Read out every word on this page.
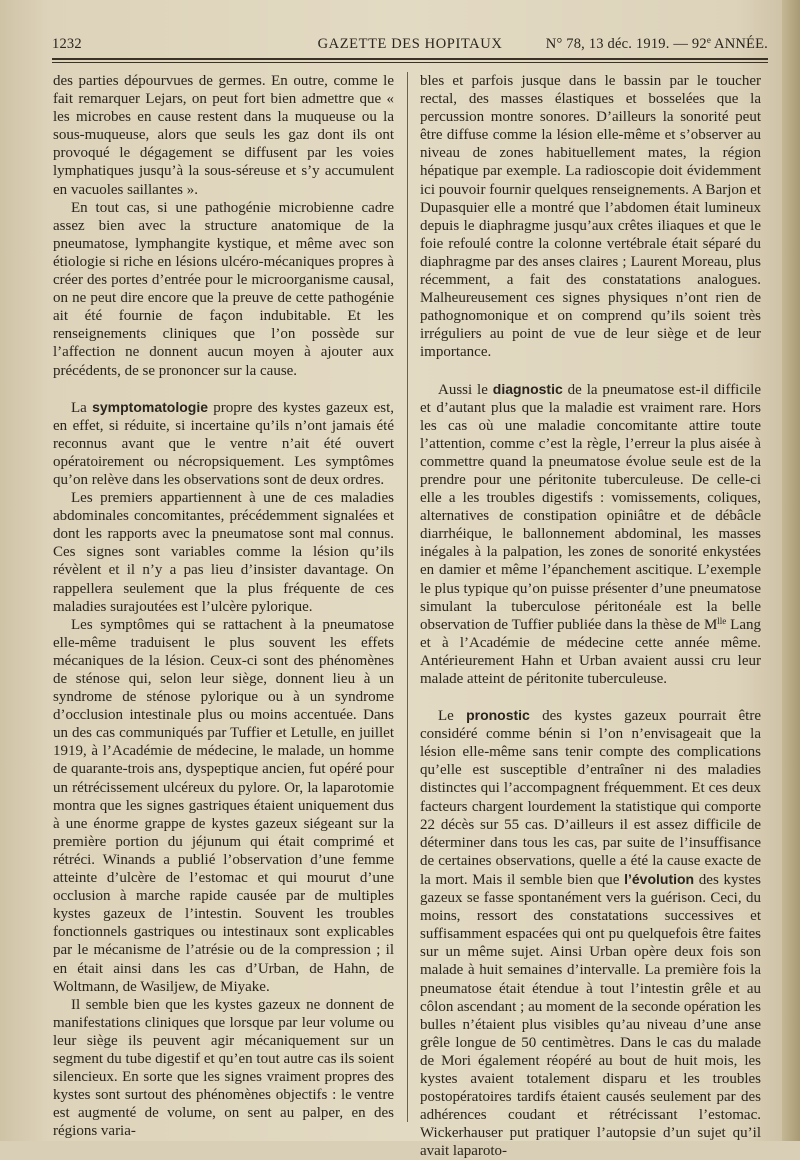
1232	GAZETTE DES HOPITAUX	N° 78, 13 déc. 1919. — 92e ANNÉE.

des parties dépourvues de germes. En outre, comme le fait remarquer Lejars, on peut fort bien admettre que « les microbes en cause restent dans la muqueuse ou la sous-muqueuse, alors que seuls les gaz dont ils ont provoqué le dégagement se diffusent par les voies lymphatiques jusqu’à la sous-séreuse et s’y accumulent en vacuoles saillantes ».

En tout cas, si une pathogénie microbienne cadre assez bien avec la structure anatomique de la pneumatose, lymphangite kystique, et même avec son étiologie si riche en lésions ulcéro-mécaniques propres à créer des portes d’entrée pour le microorganisme causal, on ne peut dire encore que la preuve de cette pathogénie ait été fournie de façon indubitable. Et les renseignements cliniques que l’on possède sur l’affection ne donnent aucun moyen à ajouter aux précédents, de se prononcer sur la cause.

La symptomatologie propre des kystes gazeux est, en effet, si réduite, si incertaine qu’ils n’ont jamais été reconnus avant que le ventre n’ait été ouvert opératoirement ou nécropsiquement. Les symptômes qu’on relève dans les observations sont de deux ordres.

Les premiers appartiennent à une de ces maladies abdominales concomitantes, précédemment signalées et dont les rapports avec la pneumatose sont mal connus. Ces signes sont variables comme la lésion qu’ils révèlent et il n’y a pas lieu d’insister davantage. On rappellera seulement que la plus fréquente de ces maladies surajoutées est l’ulcère pylorique.

Les symptômes qui se rattachent à la pneumatose elle-même traduisent le plus souvent les effets mécaniques de la lésion. Ceux-ci sont des phénomènes de sténose qui, selon leur siège, donnent lieu à un syndrome de sténose pylorique ou à un syndrome d’occlusion intestinale plus ou moins accentuée. Dans un des cas communiqués par Tuffier et Letulle, en juillet 1919, à l’Académie de médecine, le malade, un homme de quarante-trois ans, dyspeptique ancien, fut opéré pour un rétrécissement ulcéreux du pylore. Or, la laparotomie montra que les signes gastriques étaient uniquement dus à une énorme grappe de kystes gazeux siégeant sur la première portion du jéjunum qui était comprimé et rétréci. Winands a publié l’observation d’une femme atteinte d’ulcère de l’estomac et qui mourut d’une occlusion à marche rapide causée par de multiples kystes gazeux de l’intestin. Souvent les troubles fonctionnels gastriques ou intestinaux sont explicables par le mécanisme de l’atrésie ou de la compression ; il en était ainsi dans les cas d’Urban, de Hahn, de Woltmann, de Wasiljew, de Miyake.

Il semble bien que les kystes gazeux ne donnent de manifestations cliniques que lorsque par leur volume ou leur siège ils peuvent agir mécaniquement sur un segment du tube digestif et qu’en tout autre cas ils soient silencieux. En sorte que les signes vraiment propres des kystes sont surtout des phénomènes objectifs : le ventre est augmenté de volume, on sent au palper, en des régions varia-

bles et parfois jusque dans le bassin par le toucher rectal, des masses élastiques et bosselées que la percussion montre sonores. D’ailleurs la sonorité peut être diffuse comme la lésion elle-même et s’observer au niveau de zones habituellement mates, la région hépatique par exemple. La radioscopie doit évidemment ici pouvoir fournir quelques renseignements. A Barjon et Dupasquier elle a montré que l’abdomen était lumineux depuis le diaphragme jusqu’aux crêtes iliaques et que le foie refoulé contre la colonne vertébrale était séparé du diaphragme par des anses claires ; Laurent Moreau, plus récemment, a fait des constatations analogues. Malheureusement ces signes physiques n’ont rien de pathognomonique et on comprend qu’ils soient très irréguliers au point de vue de leur siège et de leur importance.

Aussi le diagnostic de la pneumatose est-il difficile et d’autant plus que la maladie est vraiment rare. Hors les cas où une maladie concomitante attire toute l’attention, comme c’est la règle, l’erreur la plus aisée à commettre quand la pneumatose évolue seule est de la prendre pour une péritonite tuberculeuse. De celle-ci elle a les troubles digestifs : vomissements, coliques, alternatives de constipation opiniâtre et de débâcle diarrhéique, le ballonnement abdominal, les masses inégales à la palpation, les zones de sonorité enkystées en damier et même l’épanchement ascitique. L’exemple le plus typique qu’on puisse présenter d’une pneumatose simulant la tuberculose péritonéale est la belle observation de Tuffier publiée dans la thèse de $M^{lle}$ Lang et à l’Académie de médecine cette année même. Antérieurement Hahn et Urban avaient aussi cru leur malade atteint de péritonite tuberculeuse.

Le pronostic des kystes gazeux pourrait être considéré comme bénin si l’on n’envisageait que la lésion elle-même sans tenir compte des complications qu’elle est susceptible d’entraîner ni des maladies distinctes qui l’accompagnent fréquemment. Et ces deux facteurs chargent lourdement la statistique qui comporte 22 décès sur 55 cas. D’ailleurs il est assez difficile de déterminer dans tous les cas, par suite de l’insuffisance de certaines observations, quelle a été la cause exacte de la mort. Mais il semble bien que l’évolution des kystes gazeux se fasse spontanément vers la guérison. Ceci, du moins, ressort des constatations successives et suffisamment espacées qui ont pu quelquefois être faites sur un même sujet. Ainsi Urban opère deux fois son malade à huit semaines d’intervalle. La première fois la pneumatose était étendue à tout l’intestin grêle et au côlon ascendant ; au moment de la seconde opération les bulles n’étaient plus visibles qu’au niveau d’une anse grêle longue de 50 centimètres. Dans le cas du malade de Mori également réopéré au bout de huit mois, les kystes avaient totalement disparu et les troubles postopératoires tardifs étaient causés seulement par des adhérences coudant et rétrécissant l’estomac. Wickerhauser put pratiquer l’autopsie d’un sujet qu’il avait laparoto-
